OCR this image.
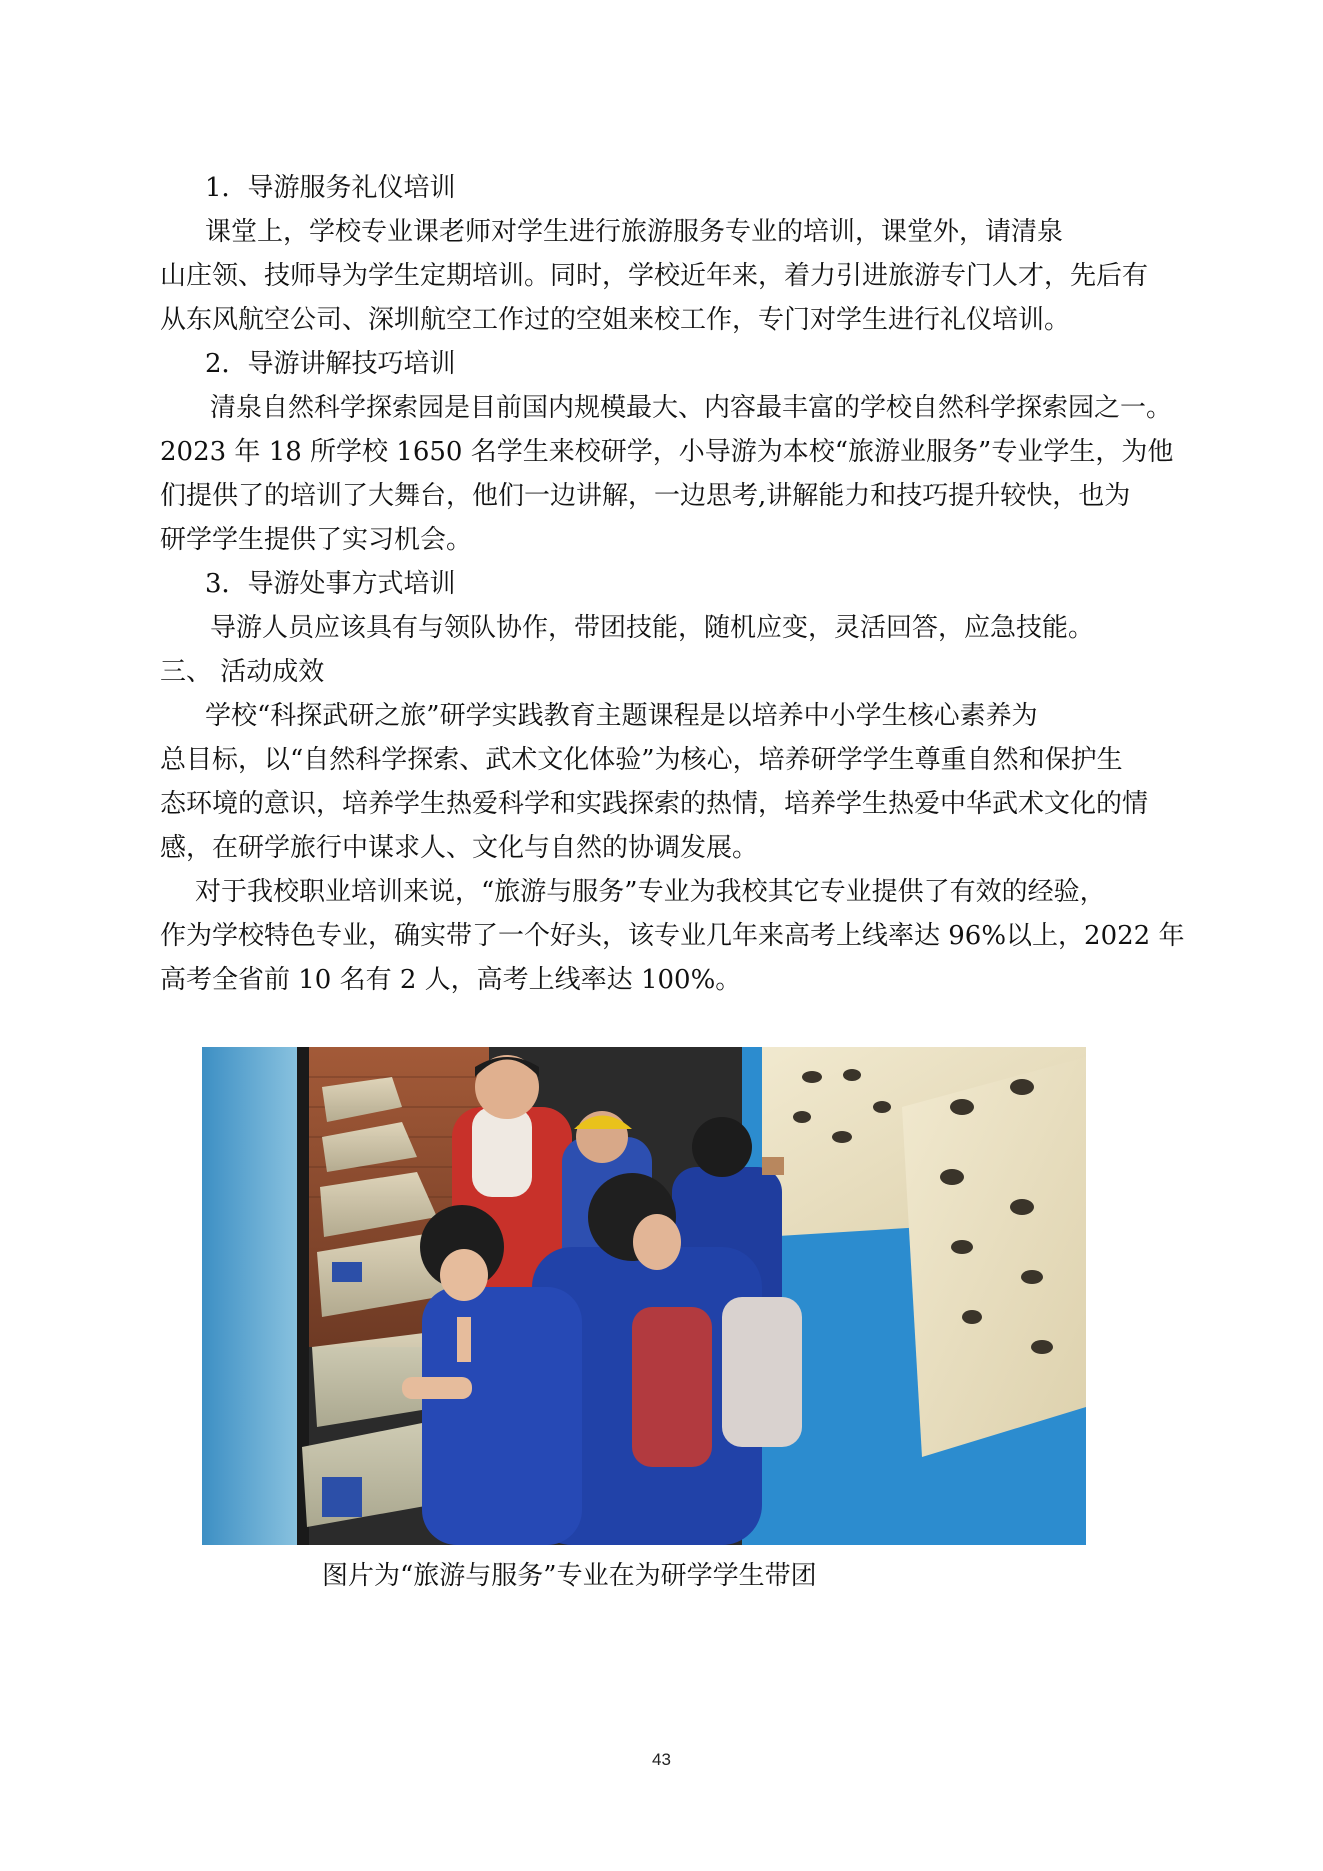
1．导游服务礼仪培训
课堂上，学校专业课老师对学生进行旅游服务专业的培训，课堂外，请清泉
山庄领、技师导为学生定期培训。同时，学校近年来，着力引进旅游专门人才，先后有
从东风航空公司、深圳航空工作过的空姐来校工作，专门对学生进行礼仪培训。
2．导游讲解技巧培训
清泉自然科学探索园是目前国内规模最大、内容最丰富的学校自然科学探索园之一。
2023 年 18 所学校 1650 名学生来校研学，小导游为本校“旅游业服务”专业学生，为他
们提供了的培训了大舞台，他们一边讲解，一边思考,讲解能力和技巧提升较快，也为
研学学生提供了实习机会。
3．导游处事方式培训
导游人员应该具有与领队协作，带团技能，随机应变，灵活回答，应急技能。
三、 活动成效
学校“科探武研之旅”研学实践教育主题课程是以培养中小学生核心素养为
总目标，以“自然科学探索、武术文化体验”为核心，培养研学学生尊重自然和保护生
态环境的意识，培养学生热爱科学和实践探索的热情，培养学生热爱中华武术文化的情
感，在研学旅行中谋求人、文化与自然的协调发展。
对于我校职业培训来说，“旅游与服务”专业为我校其它专业提供了有效的经验，
作为学校特色专业，确实带了一个好头，该专业几年来高考上线率达 96%以上，2022 年
高考全省前 10 名有 2 人，高考上线率达 100%。
图片为“旅游与服务”专业在为研学学生带团
43
